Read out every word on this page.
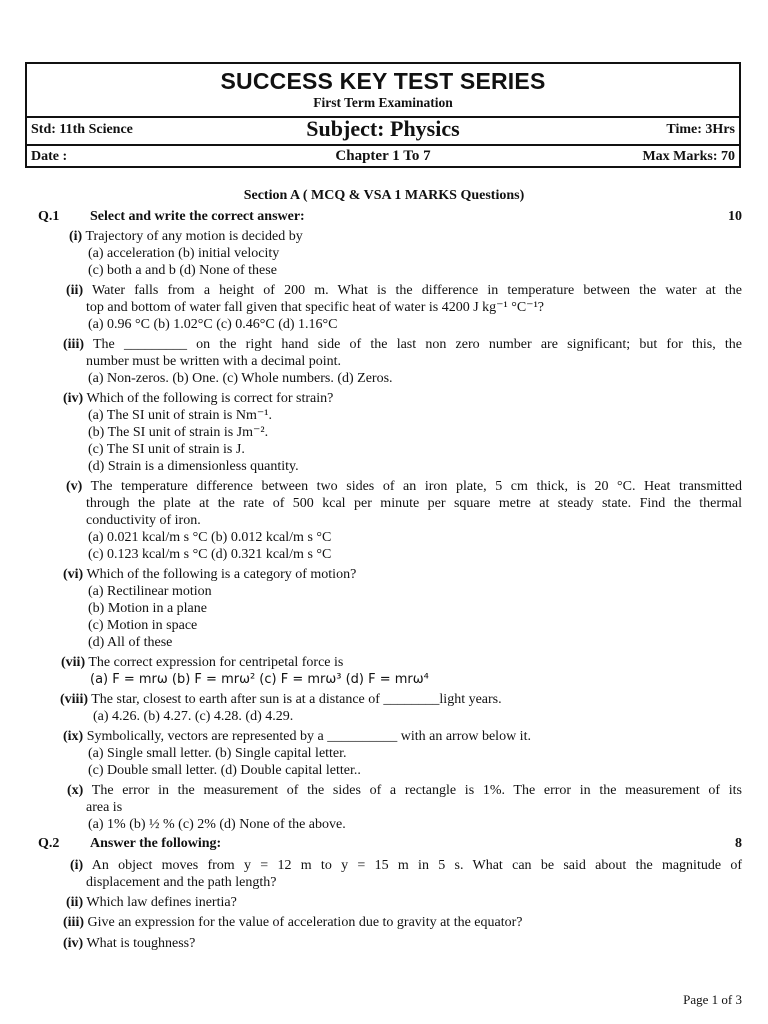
SUCCESS KEY TEST SERIES
First Term Examination
Std: 11th Science	Subject: Physics	Time: 3Hrs
Date :	Chapter 1 To 7	Max Marks: 70
Section A ( MCQ & VSA 1 MARKS Questions)
Q.1 Select and write the correct answer:	10
(i) Trajectory of any motion is decided by
(a) acceleration (b) initial velocity
(c) both a and b (d) None of these
(ii) Water falls from a height of 200 m. What is the difference in temperature between the water at the
top and bottom of water fall given that specific heat of water is 4200 J kg⁻¹ °C⁻¹?
(a) 0.96 °C (b) 1.02°C (c) 0.46°C (d) 1.16°C
(iii) The _________ on the right hand side of the last non zero number are significant; but for this, the
number must be written with a decimal point.
(a) Non-zeros. (b) One. (c) Whole numbers. (d) Zeros.
(iv) Which of the following is correct for strain?
(a) The SI unit of strain is Nm⁻¹.
(b) The SI unit of strain is Jm⁻².
(c) The SI unit of strain is J.
(d) Strain is a dimensionless quantity.
(v) The temperature difference between two sides of an iron plate, 5 cm thick, is 20 °C. Heat transmitted
through the plate at the rate of 500 kcal per minute per square metre at steady state. Find the thermal
conductivity of iron.
(a) 0.021 kcal/m s °C (b) 0.012 kcal/m s °C
(c) 0.123 kcal/m s °C (d) 0.321 kcal/m s °C
(vi) Which of the following is a category of motion?
(a) Rectilinear motion
(b) Motion in a plane
(c) Motion in space
(d) All of these
(vii) The correct expression for centripetal force is
(a) F = mrω (b) F = mrω² (c) F = mrω³ (d) F = mrω⁴
(viii) The star, closest to earth after sun is at a distance of ________light years.
(a) 4.26. (b) 4.27. (c) 4.28. (d) 4.29.
(ix) Symbolically, vectors are represented by a __________ with an arrow below it.
(a) Single small letter. (b) Single capital letter.
(c) Double small letter. (d) Double capital letter..
(x) The error in the measurement of the sides of a rectangle is 1%. The error in the measurement of its
area is
(a) 1% (b) ½ % (c) 2% (d) None of the above.
Q.2 Answer the following:	8
(i) An object moves from y = 12 m to y = 15 m in 5 s. What can be said about the magnitude of
displacement and the path length?
(ii) Which law defines inertia?
(iii) Give an expression for the value of acceleration due to gravity at the equator?
(iv) What is toughness?
Page 1 of 3
